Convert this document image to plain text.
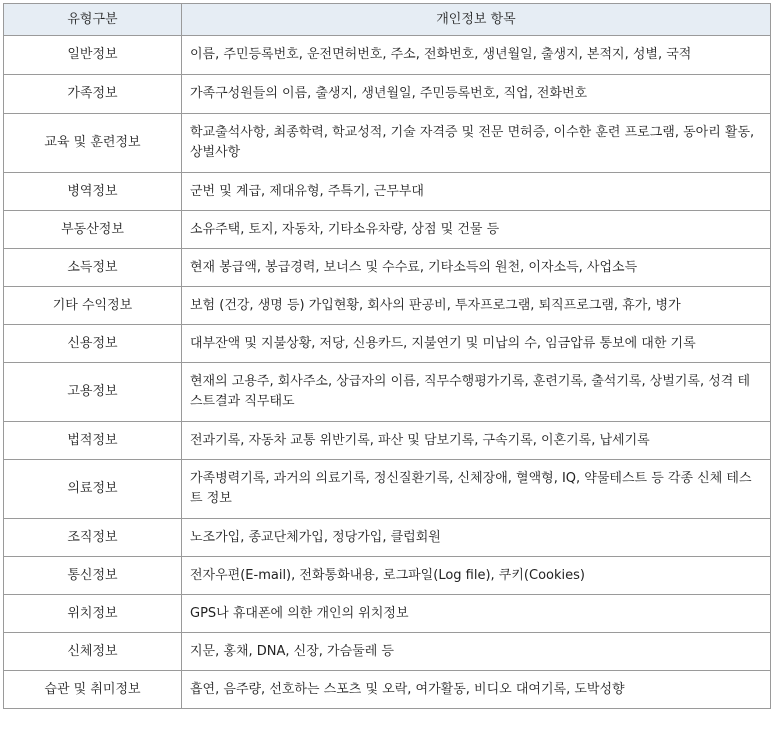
유형구분	개인정보 항목
일반정보	이름, 주민등록번호, 운전면허번호, 주소, 전화번호, 생년월일, 출생지, 본적지, 성별, 국적
가족정보	가족구성원들의 이름, 출생지, 생년월일, 주민등록번호, 직업, 전화번호
교육 및 훈련정보	학교출석사항, 최종학력, 학교성적, 기술 자격증 및 전문 면허증, 이수한 훈련 프로그램, 동아리 활동, 상벌사항
병역정보	군번 및 계급, 제대유형, 주특기, 근무부대
부동산정보	소유주택, 토지, 자동차, 기타소유차량, 상점 및 건물 등
소득정보	현재 봉급액, 봉급경력, 보너스 및 수수료, 기타소득의 원천, 이자소득, 사업소득
기타 수익정보	보험 (건강, 생명 등) 가입현황, 회사의 판공비, 투자프로그램, 퇴직프로그램, 휴가, 병가
신용정보	대부잔액 및 지불상황, 저당, 신용카드, 지불연기 및 미납의 수, 임금압류 통보에 대한 기록
고용정보	현재의 고용주, 회사주소, 상급자의 이름, 직무수행평가기록, 훈련기록, 출석기록, 상벌기록, 성격 테스트결과 직무태도
법적정보	전과기록, 자동차 교통 위반기록, 파산 및 담보기록, 구속기록, 이혼기록, 납세기록
의료정보	가족병력기록, 과거의 의료기록, 정신질환기록, 신체장애, 혈액형, IQ, 약물테스트 등 각종 신체 테스트 정보
조직정보	노조가입, 종교단체가입, 정당가입, 클럽회원
통신정보	전자우편(E-mail), 전화통화내용, 로그파일(Log file), 쿠키(Cookies)
위치정보	GPS나 휴대폰에 의한 개인의 위치정보
신체정보	지문, 홍채, DNA, 신장, 가슴둘레 등
습관 및 취미정보	흡연, 음주량, 선호하는 스포츠 및 오락, 여가활동, 비디오 대여기록, 도박성향
